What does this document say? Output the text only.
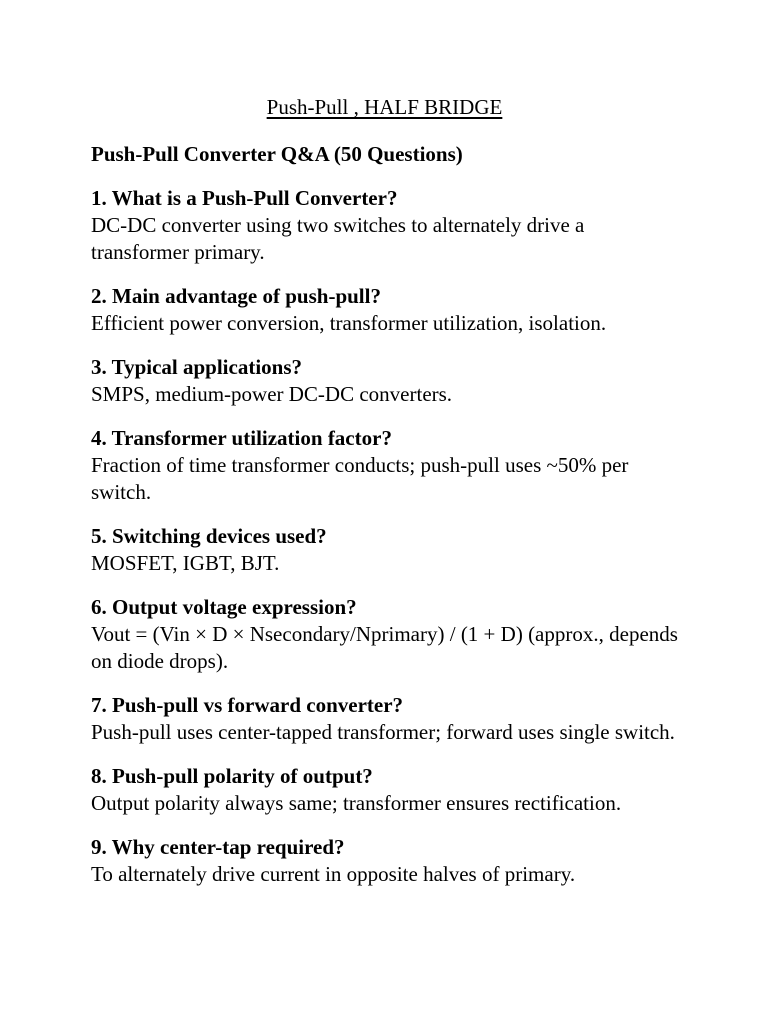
Push-Pull , HALF BRIDGE

Push-Pull Converter Q&A (50 Questions)

1. What is a Push-Pull Converter?

DC-DC converter using two switches to alternately drive a transformer primary.

2. Main advantage of push-pull?

Efficient power conversion, transformer utilization, isolation.

3. Typical applications?

SMPS, medium-power DC-DC converters.

4. Transformer utilization factor?

Fraction of time transformer conducts; push-pull uses ~50% per switch.

5. Switching devices used?

MOSFET, IGBT, BJT.

6. Output voltage expression?

Vout = (Vin × D × Nsecondary/Nprimary) / (1 + D) (approx., depends on diode drops).

7. Push-pull vs forward converter?

Push-pull uses center-tapped transformer; forward uses single switch.

8. Push-pull polarity of output?

Output polarity always same; transformer ensures rectification.

9. Why center-tap required?

To alternately drive current in opposite halves of primary.
